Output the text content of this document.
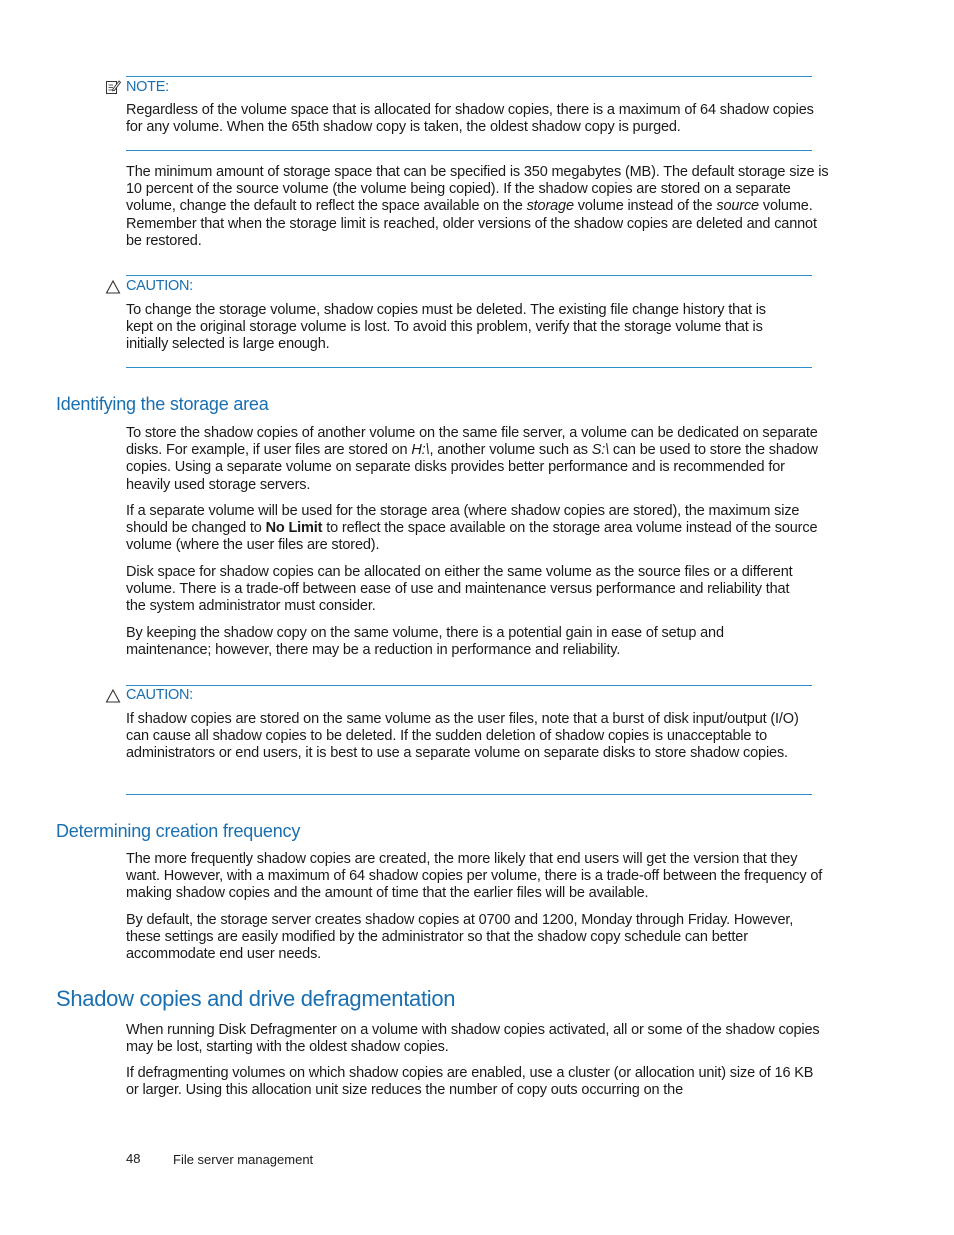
NOTE:

Regardless of the volume space that is allocated for shadow copies, there is a maximum of 64 shadow copies for any volume. When the 65th shadow copy is taken, the oldest shadow copy is purged.

The minimum amount of storage space that can be specified is 350 megabytes (MB). The default storage size is 10 percent of the source volume (the volume being copied). If the shadow copies are stored on a separate volume, change the default to reflect the space available on the storage volume instead of the source volume. Remember that when the storage limit is reached, older versions of the shadow copies are deleted and cannot be restored.

CAUTION:

To change the storage volume, shadow copies must be deleted. The existing file change history that is kept on the original storage volume is lost. To avoid this problem, verify that the storage volume that is initially selected is large enough.

Identifying the storage area

To store the shadow copies of another volume on the same file server, a volume can be dedicated on separate disks. For example, if user files are stored on H:\, another volume such as S:\ can be used to store the shadow copies. Using a separate volume on separate disks provides better performance and is recommended for heavily used storage servers.

If a separate volume will be used for the storage area (where shadow copies are stored), the maximum size should be changed to No Limit to reflect the space available on the storage area volume instead of the source volume (where the user files are stored).

Disk space for shadow copies can be allocated on either the same volume as the source files or a different volume. There is a trade-off between ease of use and maintenance versus performance and reliability that the system administrator must consider.

By keeping the shadow copy on the same volume, there is a potential gain in ease of setup and maintenance; however, there may be a reduction in performance and reliability.

CAUTION:

If shadow copies are stored on the same volume as the user files, note that a burst of disk input/output (I/O) can cause all shadow copies to be deleted. If the sudden deletion of shadow copies is unacceptable to administrators or end users, it is best to use a separate volume on separate disks to store shadow copies.

Determining creation frequency

The more frequently shadow copies are created, the more likely that end users will get the version that they want. However, with a maximum of 64 shadow copies per volume, there is a trade-off between the frequency of making shadow copies and the amount of time that the earlier files will be available.

By default, the storage server creates shadow copies at 0700 and 1200, Monday through Friday. However, these settings are easily modified by the administrator so that the shadow copy schedule can better accommodate end user needs.

Shadow copies and drive defragmentation

When running Disk Defragmenter on a volume with shadow copies activated, all or some of the shadow copies may be lost, starting with the oldest shadow copies.

If defragmenting volumes on which shadow copies are enabled, use a cluster (or allocation unit) size of 16 KB or larger. Using this allocation unit size reduces the number of copy outs occurring on the

48	File server management
